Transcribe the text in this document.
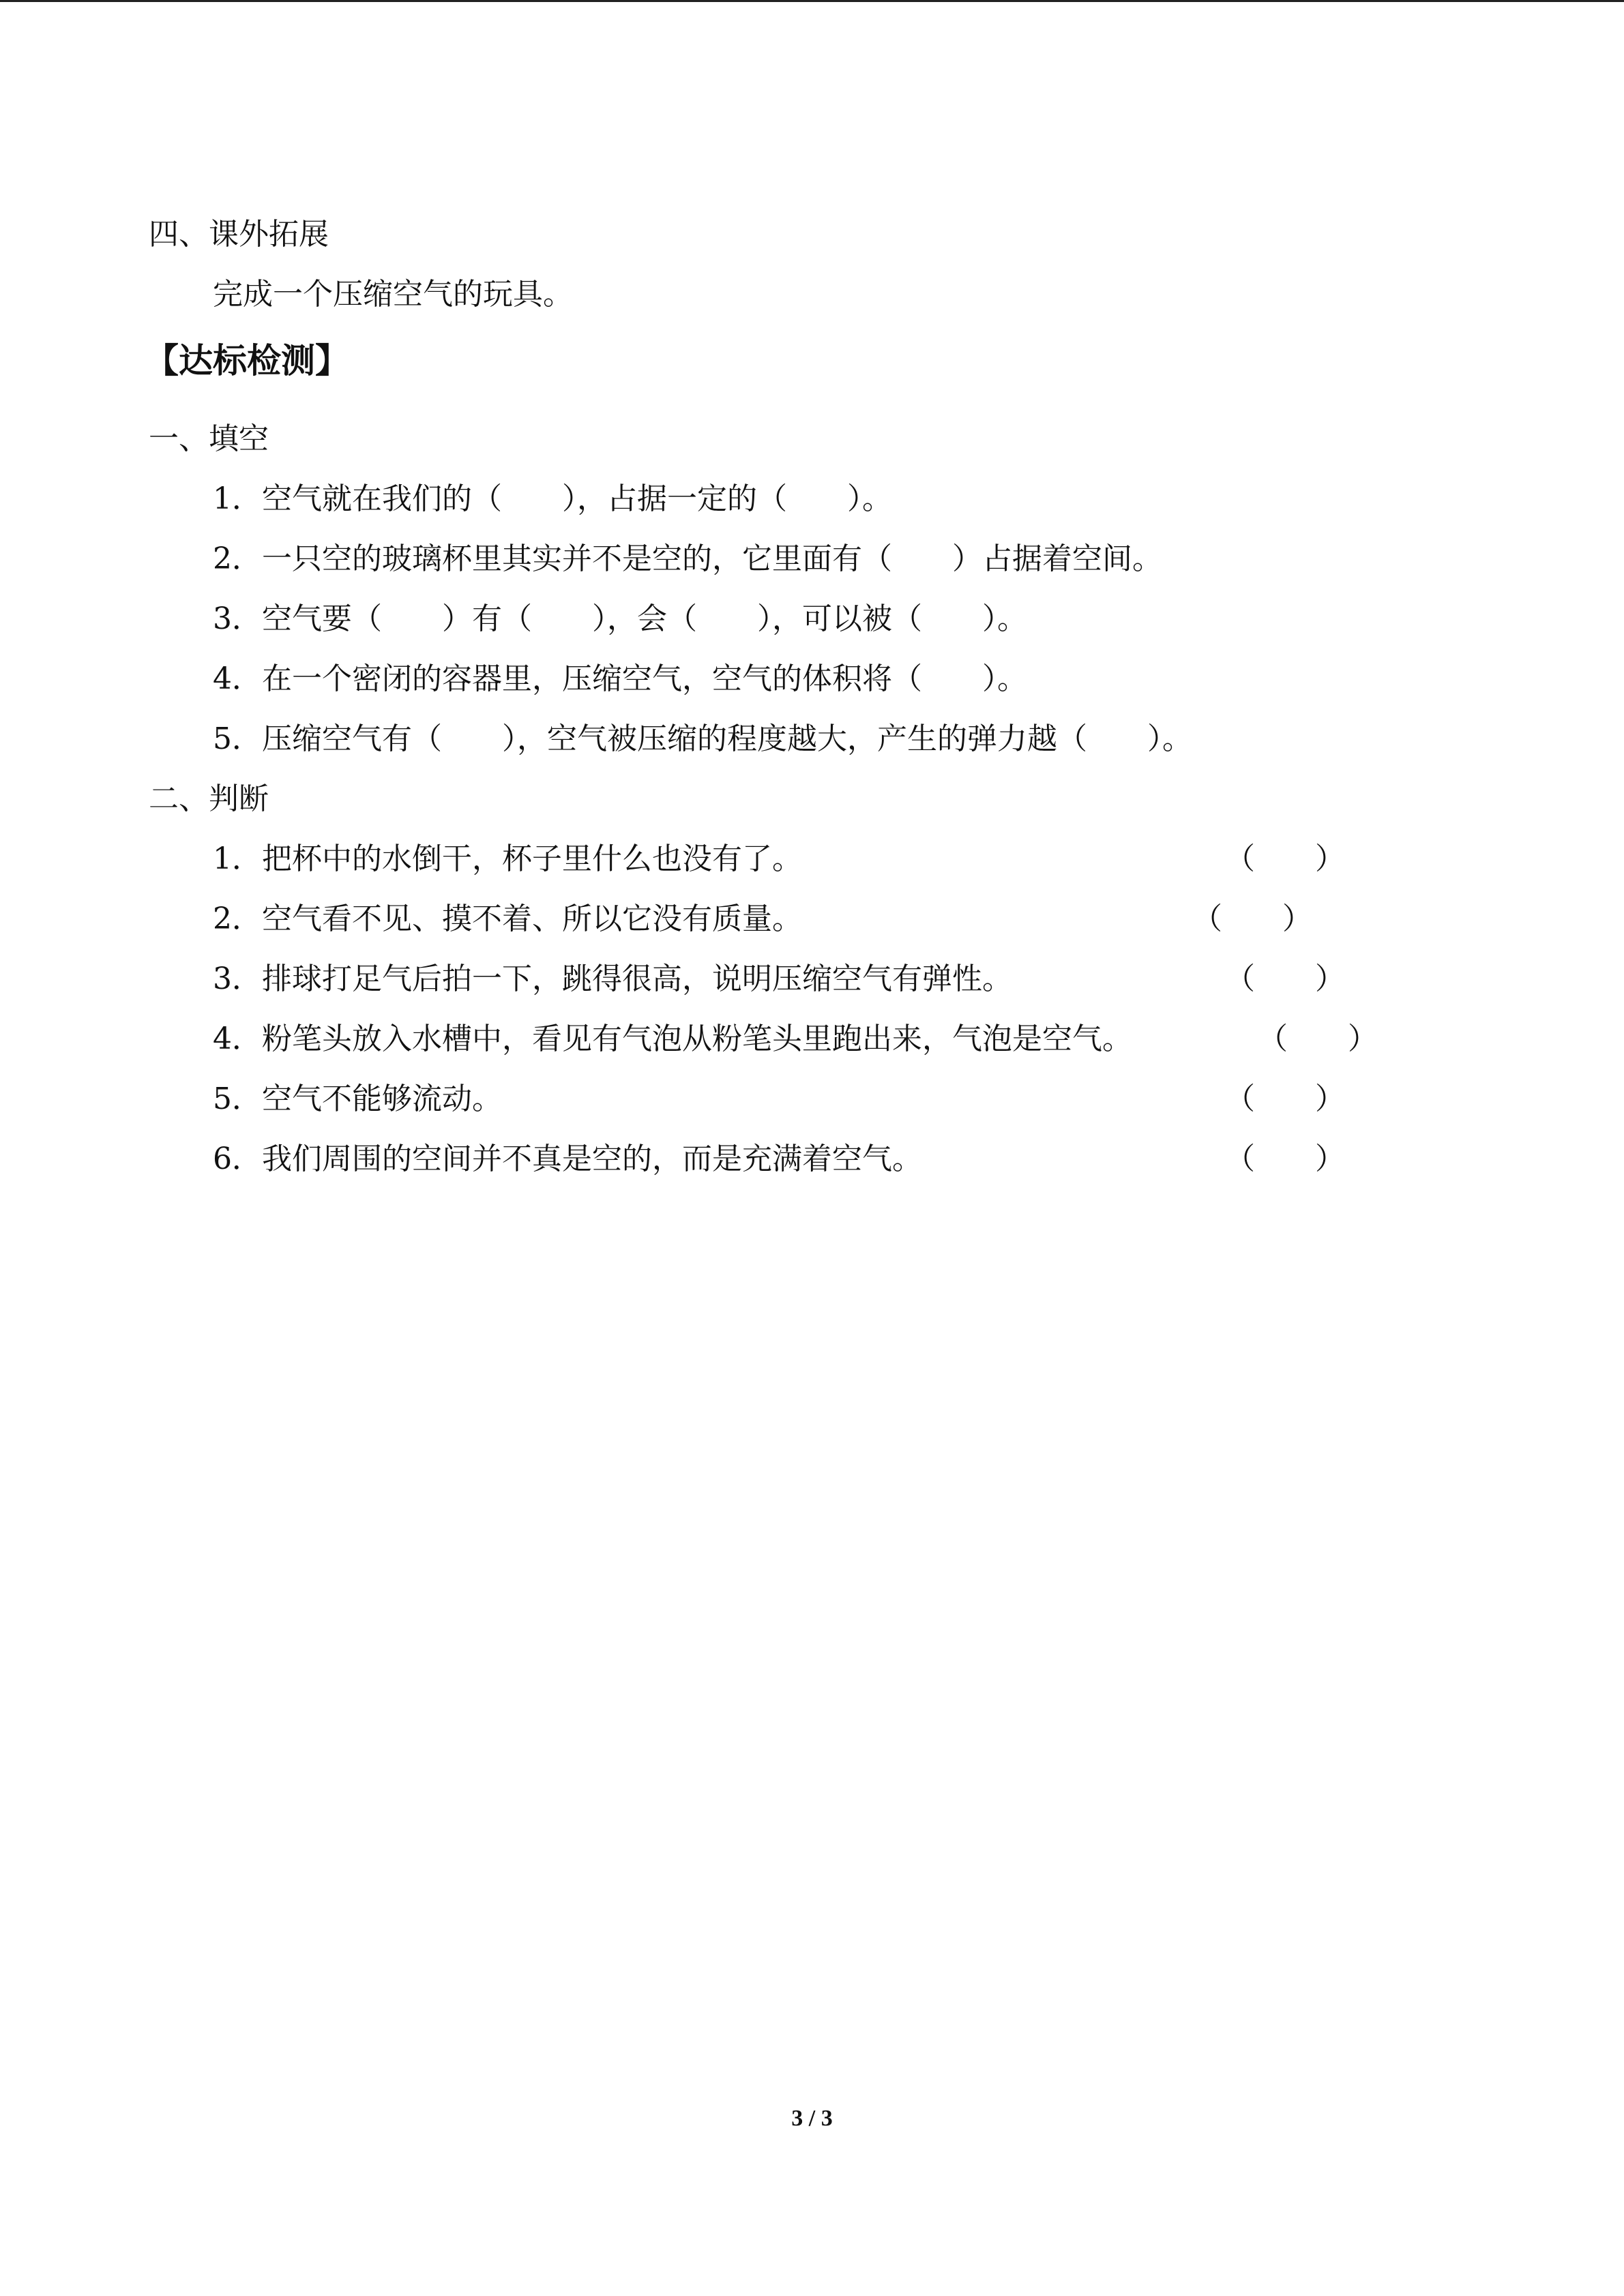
四、课外拓展
完成一个压缩空气的玩具。
【达标检测】
一、填空
1．空气就在我们的（　　），占据一定的（　　）。
2．一只空的玻璃杯里其实并不是空的，它里面有（　　）占据着空间。
3．空气要（　　）有（　　），会（　　），可以被（　　）。
4．在一个密闭的容器里，压缩空气，空气的体积将（　　）。
5．压缩空气有（　　），空气被压缩的程度越大，产生的弹力越（　　）。
二、判断
1．把杯中的水倒干，杯子里什么也没有了。	（　　）
2．空气看不见、摸不着、所以它没有质量。	（　　）
3．排球打足气后拍一下，跳得很高，说明压缩空气有弹性。	（　　）
4．粉笔头放入水槽中，看见有气泡从粉笔头里跑出来，气泡是空气。	（　　）
5．空气不能够流动。	（　　）
6．我们周围的空间并不真是空的，而是充满着空气。	（　　）
3 / 3
